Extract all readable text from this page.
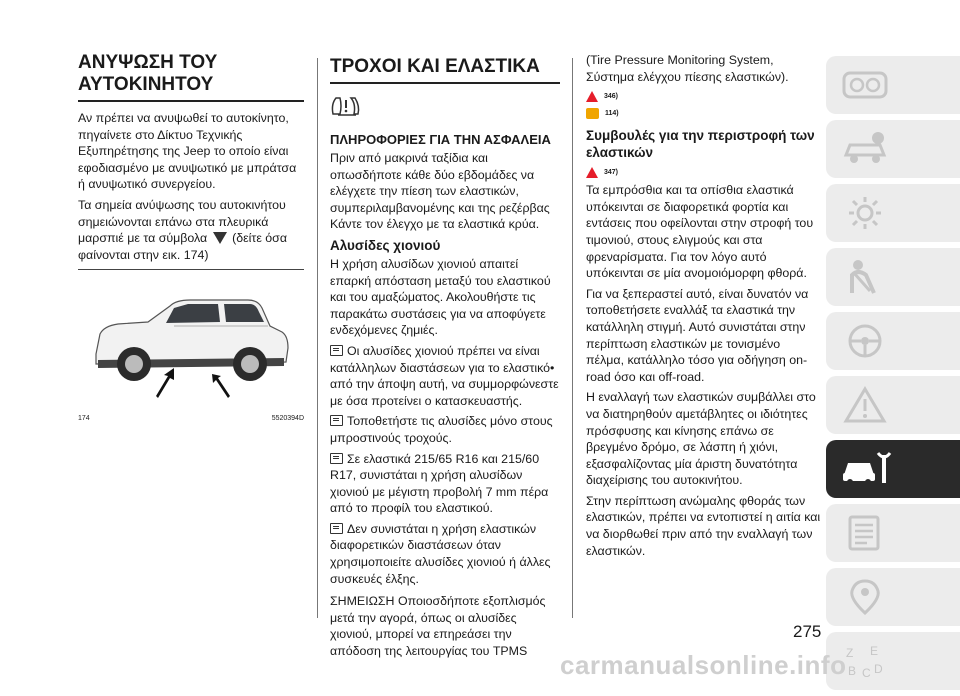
ΑΝΥΨΩΣΗ ΤΟΥ ΑΥΤΟΚΙΝΗΤΟΥ

Αν πρέπει να ανυψωθεί το αυτοκίνητο, πηγαίνετε στο Δίκτυο Τεχνικής Εξυπηρέτησης της Jeep το οποίο είναι εφοδιασμένο με ανυψωτικό με μπράτσα ή ανυψωτικό συνεργείου.

Τα σημεία ανύψωσης του αυτοκινήτου σημειώνονται επάνω στα πλευρικά μαρσπιέ με τα σύμβολα (δείτε όσα φαίνονται στην εικ. 174)

174	5520394D
ΤΡΟΧΟΙ ΚΑΙ ΕΛΑΣΤΙΚΑ
ΠΛΗΡΟΦΟΡΙΕΣ ΓΙΑ ΤΗΝ ΑΣΦΑΛΕΙΑ

Πριν από μακρινά ταξίδια και οπωσδήποτε κάθε δύο εβδομάδες να ελέγχετε την πίεση των ελαστικών, συμπεριλαμβανομένης και της ρεζέρβας Κάντε τον έλεγχο με τα ελαστικά κρύα.

Αλυσίδες χιονιού

Η χρήση αλυσίδων χιονιού απαιτεί επαρκή απόσταση μεταξύ του ελαστικού και του αμαξώματος. Ακολουθήστε τις παρακάτω συστάσεις για να αποφύγετε ενδεχόμενες ζημιές.

Οι αλυσίδες χιονιού πρέπει να είναι κατάλληλων διαστάσεων για το ελαστικό• από την άποψη αυτή, να συμμορφώνεστε με όσα προτείνει ο κατασκευαστής.

Τοποθετήστε τις αλυσίδες μόνο στους μπροστινούς τροχούς.

Σε ελαστικά 215/65 R16 και 215/60 R17, συνιστάται η χρήση αλυσίδων χιονιού με μέγιστη προβολή 7 mm πέρα από το προφίλ του ελαστικού.

Δεν συνιστάται η χρήση ελαστικών διαφορετικών διαστάσεων όταν χρησιμοποιείτε αλυσίδες χιονιού ή άλλες συσκευές έλξης.

ΣΗΜΕΙΩΣΗ Οποιοσδήποτε εξοπλισμός μετά την αγορά, όπως οι αλυσίδες χιονιού, μπορεί να επηρεάσει την απόδοση της λειτουργίας του TPMS

(Tire Pressure Monitoring System, Σύστημα ελέγχου πίεσης ελαστικών).

346)
114)
Συμβουλές για την περιστροφή των ελαστικών
347)

Τα εμπρόσθια και τα οπίσθια ελαστικά υπόκεινται σε διαφορετικά φορτία και εντάσεις που οφείλονται στην στροφή του τιμονιού, στους ελιγμούς και στα φρεναρίσματα. Για τον λόγο αυτό υπόκεινται σε μία ανομοιόμορφη φθορά.

Για να ξεπεραστεί αυτό, είναι δυνατόν να τοποθετήσετε εναλλάξ τα ελαστικά την κατάλληλη στιγμή. Αυτό συνιστάται στην περίπτωση ελαστικών με τονισμένο πέλμα, κατάλληλο τόσο για οδήγηση on-road όσο και off-road.

Η εναλλαγή των ελαστικών συμβάλλει στο να διατηρηθούν αμετάβλητες οι ιδιότητες πρόσφυσης και κίνησης επάνω σε βρεγμένο δρόμο, σε λάσπη ή χιόνι, εξασφαλίζοντας μία άριστη δυνατότητα διαχείρισης του αυτοκινήτου.

Στην περίπτωση ανώμαλης φθοράς των ελαστικών, πρέπει να εντοπιστεί η αιτία και να διορθωθεί πριν από την εναλλαγή των ελαστικών.

275
Z E
B C D
carmanualsonline.info
